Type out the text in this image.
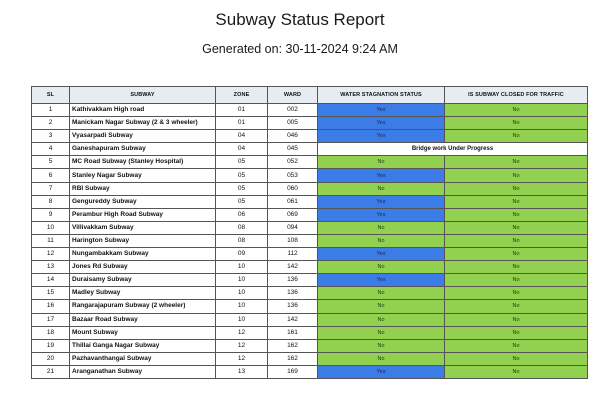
Subway Status Report
Generated on: 30-11-2024 9:24 AM
SL	SUBWAY	ZONE	WARD	WATER STAGNATION STATUS	IS SUBWAY CLOSED FOR TRAFFIC
1	Kathivakkam High road	01	002	Yes	No
2	Manickam Nagar Subway (2 & 3 wheeler)	01	005	Yes	No
3	Vyasarpadi Subway	04	046	Yes	No
4	Ganeshapuram Subway	04	045	Bridge work Under Progress	
5	MC Road Subway (Stanley Hospital)	05	052	No	No
6	Stanley Nagar Subway	05	053	Yes	No
7	RBI Subway	05	060	No	No
8	Gengureddy Subway	05	061	Yes	No
9	Perambur High Road Subway	06	069	Yes	No
10	Villivakkam Subway	08	094	No	No
11	Harington Subway	08	108	No	No
12	Nungambakkam Subway	09	112	Yes	No
13	Jones Rd Subway	10	142	No	No
14	Duraisamy Subway	10	136	Yes	No
15	Madley Subway	10	136	No	No
16	Rangarajapuram Subway (2 wheeler)	10	136	No	No
17	Bazaar Road Subway	10	142	No	No
18	Mount Subway	12	161	No	No
19	Thillai Ganga Nagar Subway	12	162	No	No
20	Pazhavanthangal Subway	12	162	No	No
21	Aranganathan Subway	13	169	Yes	No
